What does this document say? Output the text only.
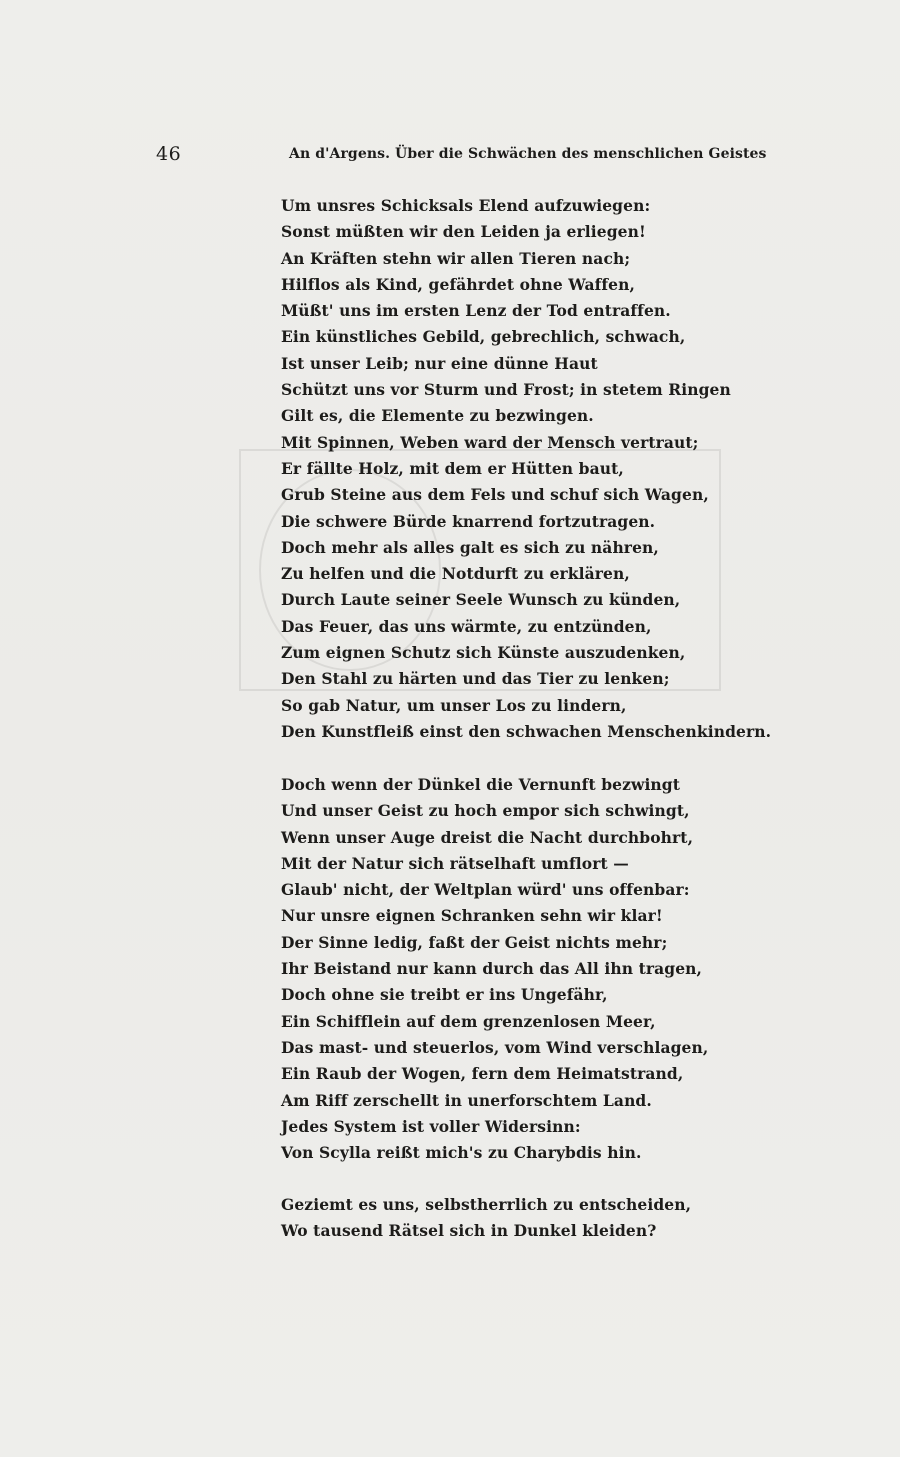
46	An d'Argens. Über die Schwächen des menschlichen Geistes
Um unsres Schicksals Elend aufzuwiegen:
Sonst müßten wir den Leiden ja erliegen!
An Kräften stehn wir allen Tieren nach;
Hilflos als Kind, gefährdet ohne Waffen,
Müßt' uns im ersten Lenz der Tod entraffen.
Ein künstliches Gebild, gebrechlich, schwach,
Ist unser Leib; nur eine dünne Haut
Schützt uns vor Sturm und Frost; in stetem Ringen
Gilt es, die Elemente zu bezwingen.
Mit Spinnen, Weben ward der Mensch vertraut;
Er fällte Holz, mit dem er Hütten baut,
Grub Steine aus dem Fels und schuf sich Wagen,
Die schwere Bürde knarrend fortzutragen.
Doch mehr als alles galt es sich zu nähren,
Zu helfen und die Notdurft zu erklären,
Durch Laute seiner Seele Wunsch zu künden,
Das Feuer, das uns wärmte, zu entzünden,
Zum eignen Schutz sich Künste auszudenken,
Den Stahl zu härten und das Tier zu lenken;
So gab Natur, um unser Los zu lindern,
Den Kunstfleiß einst den schwachen Menschenkindern.
Doch wenn der Dünkel die Vernunft bezwingt
Und unser Geist zu hoch empor sich schwingt,
Wenn unser Auge dreist die Nacht durchbohrt,
Mit der Natur sich rätselhaft umflort —
Glaub' nicht, der Weltplan würd' uns offenbar:
Nur unsre eignen Schranken sehn wir klar!
Der Sinne ledig, faßt der Geist nichts mehr;
Ihr Beistand nur kann durch das All ihn tragen,
Doch ohne sie treibt er ins Ungefähr,
Ein Schifflein auf dem grenzenlosen Meer,
Das mast- und steuerlos, vom Wind verschlagen,
Ein Raub der Wogen, fern dem Heimatstrand,
Am Riff zerschellt in unerforschtem Land.
Jedes System ist voller Widersinn:
Von Scylla reißt mich's zu Charybdis hin.
Geziemt es uns, selbstherrlich zu entscheiden,
Wo tausend Rätsel sich in Dunkel kleiden?
